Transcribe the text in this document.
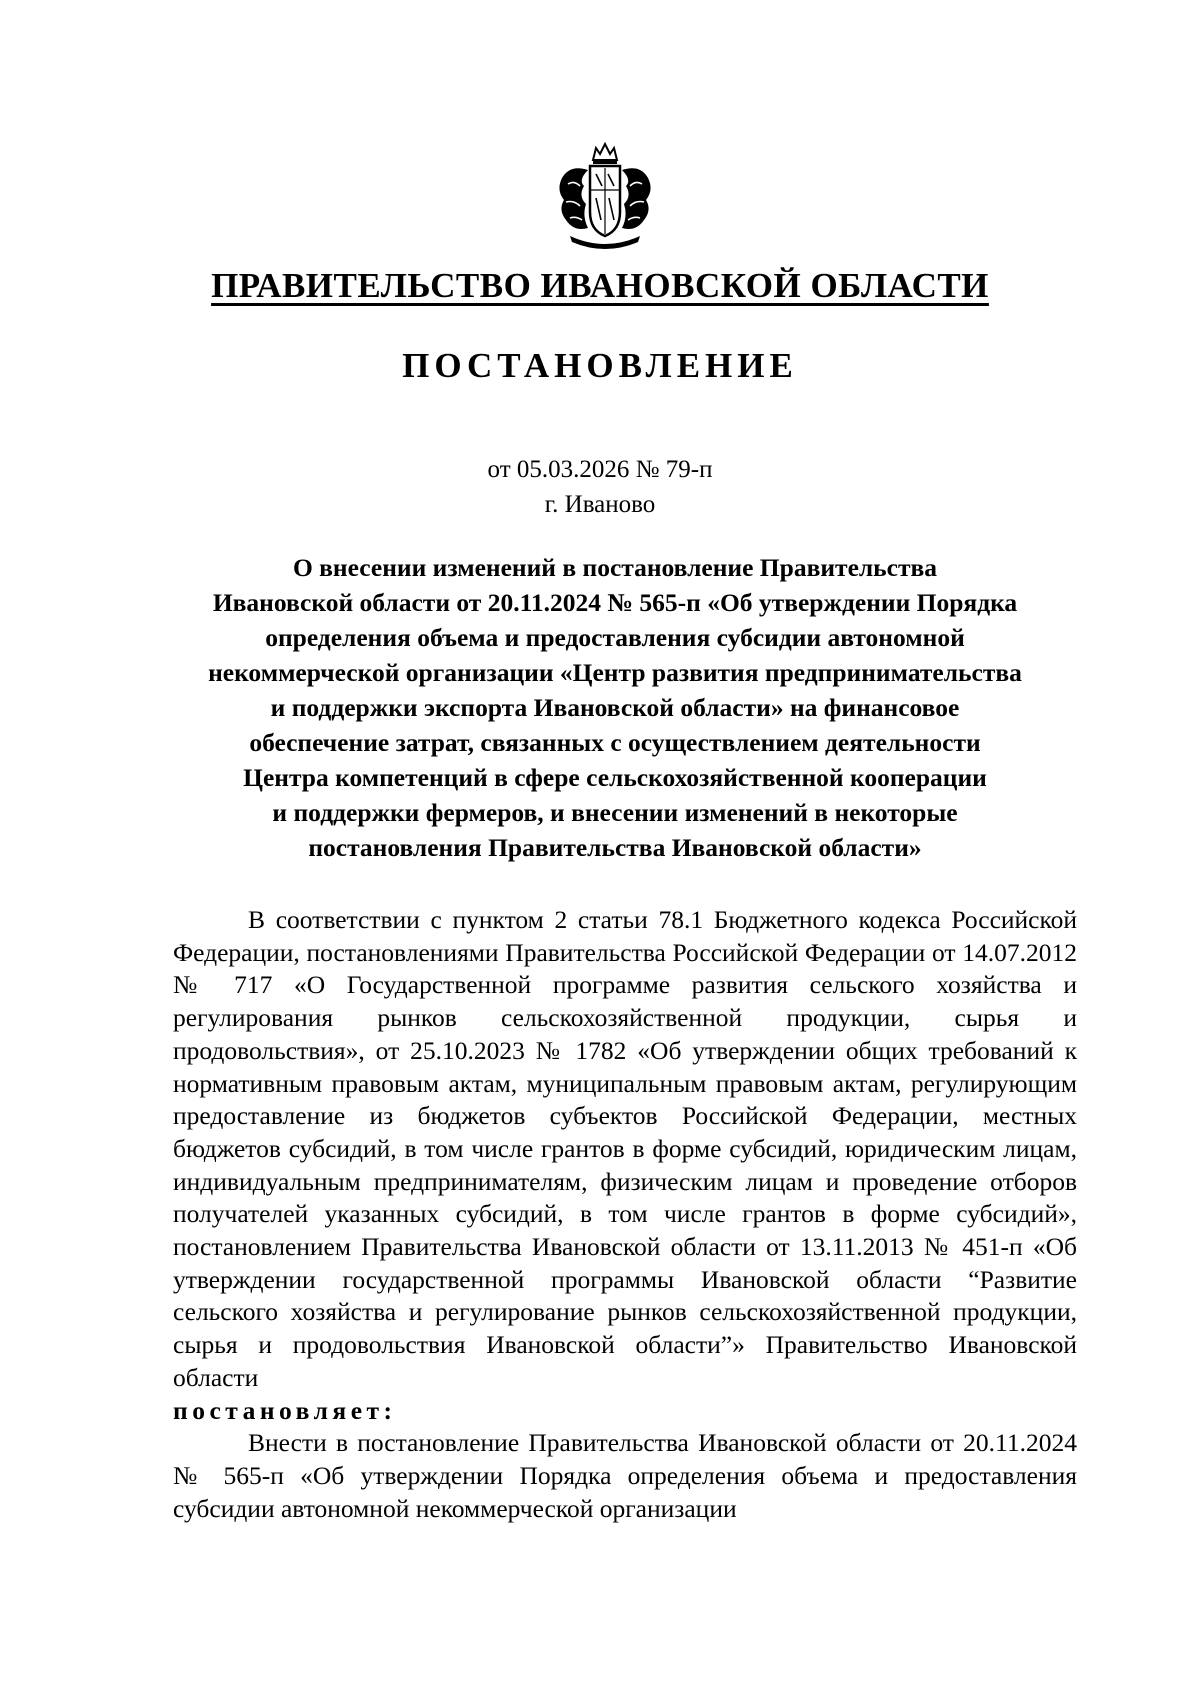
ПРАВИТЕЛЬСТВО ИВАНОВСКОЙ ОБЛАСТИ
ПОСТАНОВЛЕНИЕ
от 05.03.2026 № 79-п
г. Иваново
О внесении изменений в постановление Правительства
Ивановской области от 20.11.2024 № 565-п «Об утверждении Порядка
определения объема и предоставления субсидии автономной
некоммерческой организации «Центр развития предпринимательства
и поддержки экспорта Ивановской области» на финансовое
обеспечение затрат, связанных с осуществлением деятельности
Центра компетенций в сфере сельскохозяйственной кооперации
и поддержки фермеров, и внесении изменений в некоторые
постановления Правительства Ивановской области»

В соответствии с пунктом 2 статьи 78.1 Бюджетного кодекса Российской Федерации, постановлениями Правительства Российской Федерации от 14.07.2012 № 717 «О Государственной программе развития сельского хозяйства и регулирования рынков сельскохозяйственной продукции, сырья и продовольствия», от 25.10.2023 № 1782 «Об утверждении общих требований к нормативным правовым актам, муниципальным правовым актам, регулирующим предоставление из бюджетов субъектов Российской Федерации, местных бюджетов субсидий, в том числе грантов в форме субсидий, юридическим лицам, индивидуальным предпринимателям, физическим лицам и проведение отборов получателей указанных субсидий, в том числе грантов в форме субсидий», постановлением Правительства Ивановской области от 13.11.2013 № 451-п «Об утверждении государственной программы Ивановской области “Развитие сельского хозяйства и регулирование рынков сельскохозяйственной продукции, сырья и продовольствия Ивановской области”» Правительство Ивановской области

постановляет:

Внести в постановление Правительства Ивановской области от 20.11.2024 № 565-п «Об утверждении Порядка определения объема и предоставления субсидии автономной некоммерческой организации
